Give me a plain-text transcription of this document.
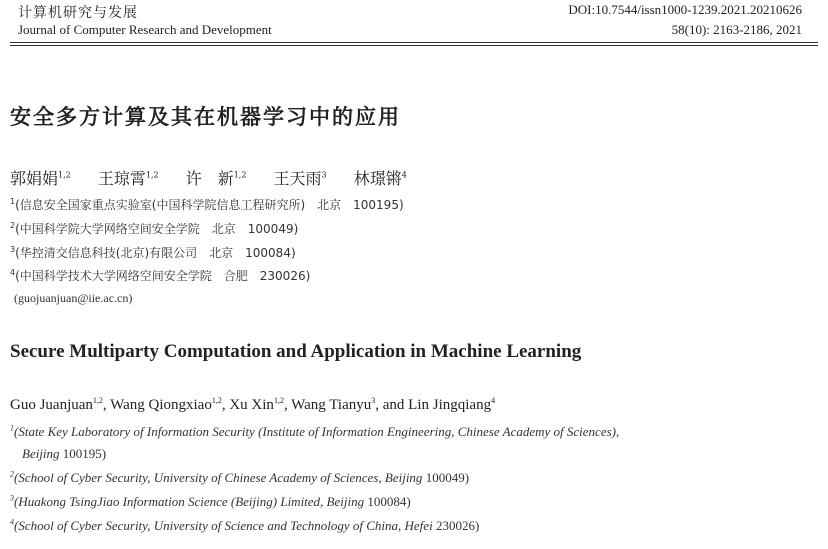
计算机研究与发展
Journal of Computer Research and Development
DOI:10.7544/issn1000-1239.2021.20210626
58(10): 2163-2186, 2021
安全多方计算及其在机器学习中的应用
郭娟娟$^{1,2}$ 王琼霄$^{1,2}$ 许　新$^{1,2}$ 王天雨$^3$ 林璟锵$^4$
$^1$(信息安全国家重点实验室(中国科学院信息工程研究所)　北京　100195)
$^2$(中国科学院大学网络空间安全学院　北京　100049)
$^3$(华控清交信息科技(北京)有限公司　北京　100084)
$^4$(中国科学技术大学网络空间安全学院　合肥　230026)
(guojuanjuan@iie.ac.cn)
Secure Multiparty Computation and Application in Machine Learning
Guo Juanjuan$^{1,2}$, Wang Qiongxiao$^{1,2}$, Xu Xin$^{1,2}$, Wang Tianyu$^3$, and Lin Jingqiang$^4$
$^1$(State Key Laboratory of Information Security (Institute of Information Engineering, Chinese Academy of Sciences),
Beijing 100195)
$^2$(School of Cyber Security, University of Chinese Academy of Sciences, Beijing 100049)
$^3$(Huakong TsingJiao Information Science (Beijing) Limited, Beijing 100084)
$^4$(School of Cyber Security, University of Science and Technology of China, Hefei 230026)
